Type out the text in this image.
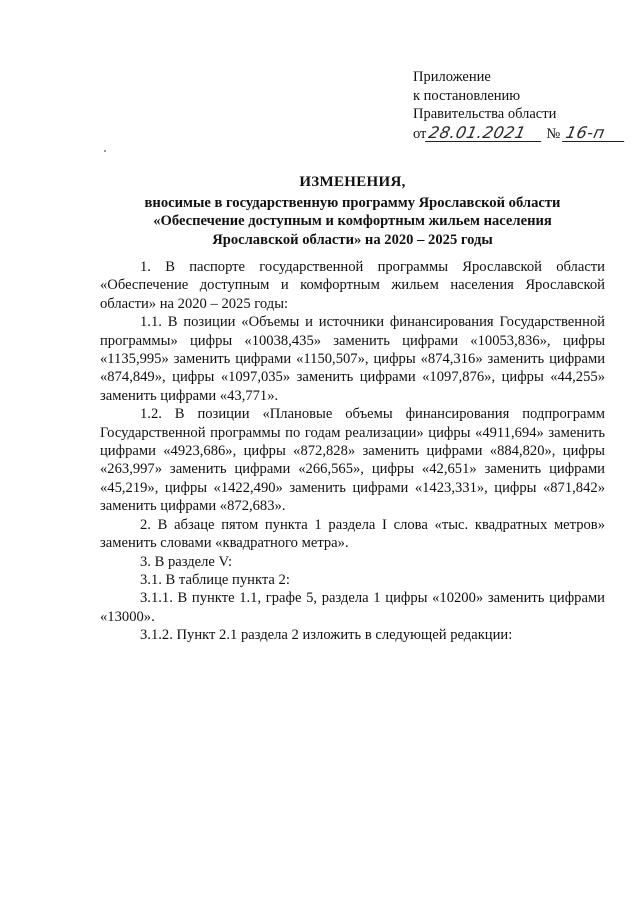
Приложение
к постановлению
Правительства области
от 28.01.2021	№ 16-п
ИЗМЕНЕНИЯ,
вносимые в государственную программу Ярославской области
«Обеспечение доступным и комфортным жильем населения
Ярославской области» на 2020 – 2025 годы

1. В паспорте государственной программы Ярославской области «Обеспечение доступным и комфортным жильем населения Ярославской области» на 2020 – 2025 годы:

1.1. В позиции «Объемы и источники финансирования Государственной программы» цифры «10038,435» заменить цифрами «10053,836», цифры «1135,995» заменить цифрами «1150,507», цифры «874,316» заменить цифрами «874,849», цифры «1097,035» заменить цифрами «1097,876», цифры «44,255» заменить цифрами «43,771».

1.2. В позиции «Плановые объемы финансирования подпрограмм Государственной программы по годам реализации» цифры «4911,694» заменить цифрами «4923,686», цифры «872,828» заменить цифрами «884,820», цифры «263,997» заменить цифрами «266,565», цифры «42,651» заменить цифрами «45,219», цифры «1422,490» заменить цифрами «1423,331», цифры «871,842» заменить цифрами «872,683».

2. В абзаце пятом пункта 1 раздела I слова «тыс. квадратных метров» заменить словами «квадратного метра».

3. В разделе V:

3.1. В таблице пункта 2:

3.1.1. В пункте 1.1, графе 5, раздела 1 цифры «10200» заменить цифрами «13000».

3.1.2. Пункт 2.1 раздела 2 изложить в следующей редакции:
